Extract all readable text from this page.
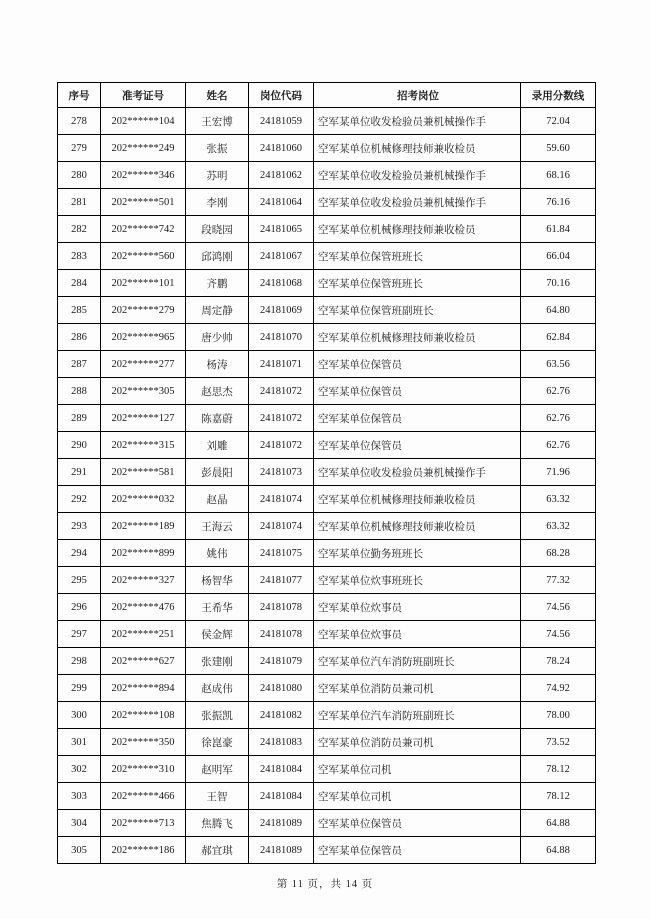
序号	准考证号	姓名	岗位代码	招考岗位	录用分数线
278	202******104	王宏博	24181059	空军某单位收发检验员兼机械操作手	72.04
279	202******249	张振	24181060	空军某单位机械修理技师兼收检员	59.60
280	202******346	苏明	24181062	空军某单位收发检验员兼机械操作手	68.16
281	202******501	李刚	24181064	空军某单位收发检验员兼机械操作手	76.16
282	202******742	段晓园	24181065	空军某单位机械修理技师兼收检员	61.84
283	202******560	邱鸿刚	24181067	空军某单位保管班班长	66.04
284	202******101	齐鹏	24181068	空军某单位保管班班长	70.16
285	202******279	周定静	24181069	空军某单位保管班副班长	64.80
286	202******965	唐少帅	24181070	空军某单位机械修理技师兼收检员	62.84
287	202******277	杨涛	24181071	空军某单位保管员	63.56
288	202******305	赵思杰	24181072	空军某单位保管员	62.76
289	202******127	陈嘉蔚	24181072	空军某单位保管员	62.76
290	202******315	刘雕	24181072	空军某单位保管员	62.76
291	202******581	彭晨阳	24181073	空军某单位收发检验员兼机械操作手	71.96
292	202******032	赵晶	24181074	空军某单位机械修理技师兼收检员	63.32
293	202******189	王海云	24181074	空军某单位机械修理技师兼收检员	63.32
294	202******899	姚伟	24181075	空军某单位勤务班班长	68.28
295	202******327	杨智华	24181077	空军某单位炊事班班长	77.32
296	202******476	王希华	24181078	空军某单位炊事员	74.56
297	202******251	侯金辉	24181078	空军某单位炊事员	74.56
298	202******627	张建刚	24181079	空军某单位汽车消防班副班长	78.24
299	202******894	赵成伟	24181080	空军某单位消防员兼司机	74.92
300	202******108	张振凯	24181082	空军某单位汽车消防班副班长	78.00
301	202******350	徐崑豪	24181083	空军某单位消防员兼司机	73.52
302	202******310	赵明军	24181084	空军某单位司机	78.12
303	202******466	王智	24181084	空军某单位司机	78.12
304	202******713	焦腾飞	24181089	空军某单位保管员	64.88
305	202******186	郝宜琪	24181089	空军某单位保管员	64.88
第 11 页，共 14 页
